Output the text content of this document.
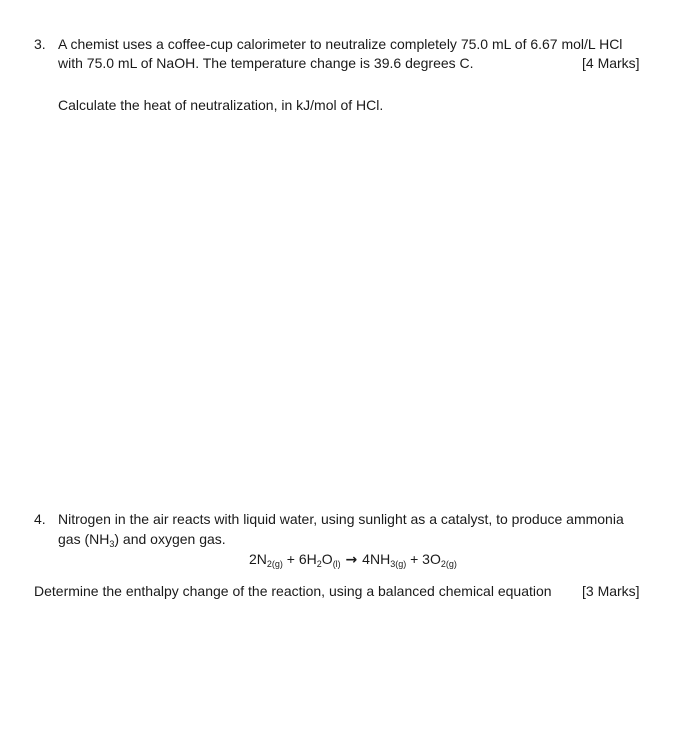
3. A chemist uses a coffee-cup calorimeter to neutralize completely 75.0 mL of 6.67 mol/L HCl
with 75.0 mL of NaOH. The temperature change is 39.6 degrees C.	[4 Marks]
Calculate the heat of neutralization, in kJ/mol of HCl.
4. Nitrogen in the air reacts with liquid water, using sunlight as a catalyst, to produce ammonia
gas $(NH_3)$ and oxygen gas.
$2N_{2(g)} + 6H_2O_{(l)} \to 4NH_{3(g)} + 3O_{2(g)}$
Determine the enthalpy change of the reaction, using a balanced chemical equation [3 Marks]
